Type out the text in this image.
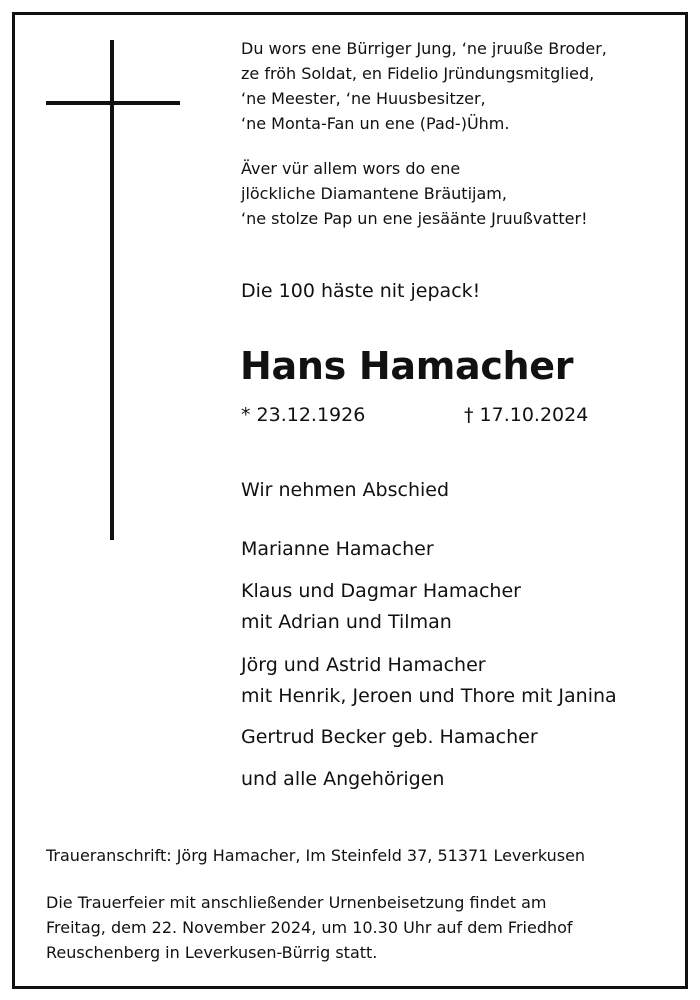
Du wors ene Bürriger Jung, ‘ne jruuße Broder,
ze fröh Soldat, en Fidelio Jründungsmitglied,
‘ne Meester, ‘ne Huusbesitzer,
‘ne Monta-Fan un ene (Pad-)Ühm.
Äver vür allem wors do ene
jlöckliche Diamantene Bräutijam,
‘ne stolze Pap un ene jesäänte Jruußvatter!
Die 100 häste nit jepack!
Hans Hamacher
* 23.12.1926	† 17.10.2024
Wir nehmen Abschied
Marianne Hamacher
Klaus und Dagmar Hamacher
mit Adrian und Tilman
Jörg und Astrid Hamacher
mit Henrik, Jeroen und Thore mit Janina
Gertrud Becker geb. Hamacher
und alle Angehörigen
Traueranschrift: Jörg Hamacher, Im Steinfeld 37, 51371 Leverkusen
Die Trauerfeier mit anschließender Urnenbeisetzung findet am
Freitag, dem 22. November 2024, um 10.30 Uhr auf dem Friedhof
Reuschenberg in Leverkusen-Bürrig statt.
